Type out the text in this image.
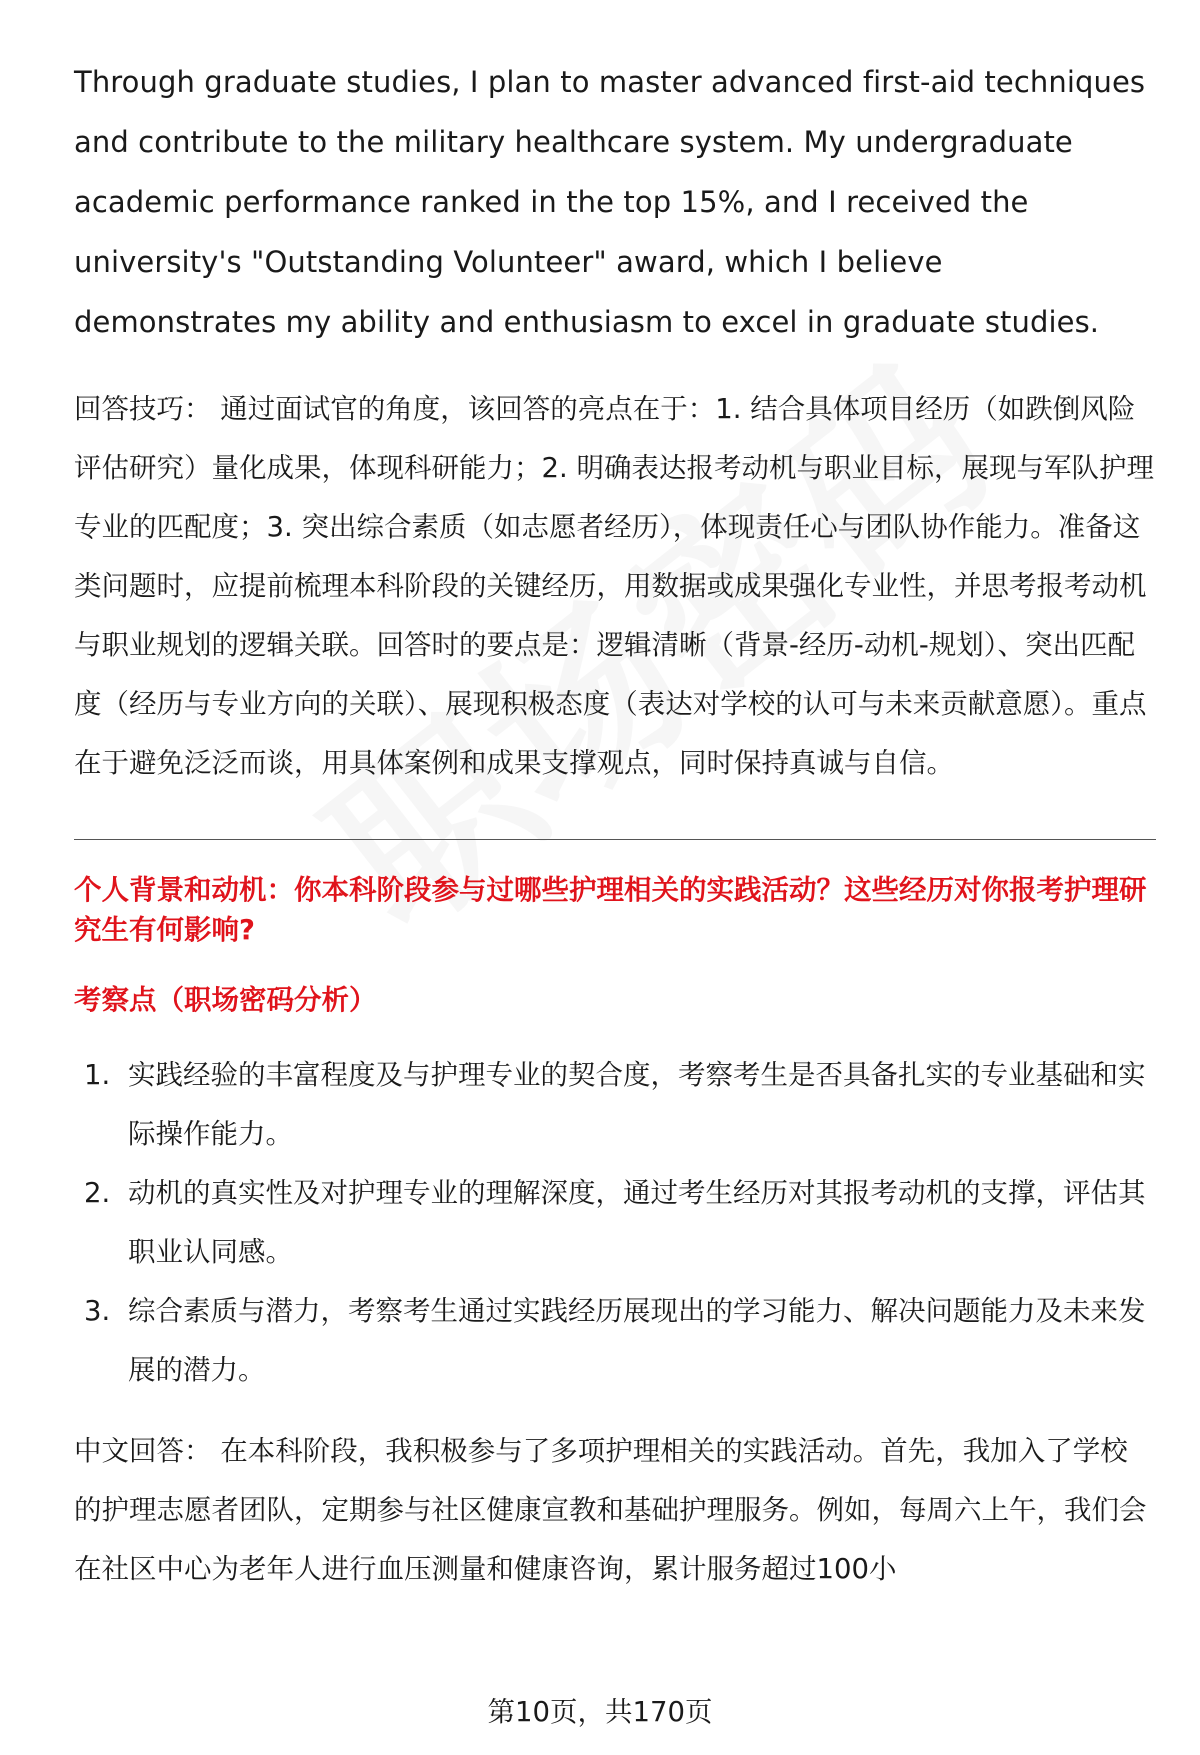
Through graduate studies, I plan to master advanced first-aid techniques and contribute to the military healthcare system. My undergraduate academic performance ranked in the top 15%, and I received the university's "Outstanding Volunteer" award, which I believe demonstrates my ability and enthusiasm to excel in graduate studies.

回答技巧： 通过面试官的角度，该回答的亮点在于：1. 结合具体项目经历（如跌倒风险评估研究）量化成果，体现科研能力；2. 明确表达报考动机与职业目标，展现与军队护理专业的匹配度；3. 突出综合素质（如志愿者经历），体现责任心与团队协作能力。准备这类问题时，应提前梳理本科阶段的关键经历，用数据或成果强化专业性，并思考报考动机与职业规划的逻辑关联。回答时的要点是：逻辑清晰（背景-经历-动机-规划）、突出匹配度（经历与专业方向的关联）、展现积极态度（表达对学校的认可与未来贡献意愿）。重点在于避免泛泛而谈，用具体案例和成果支撑观点，同时保持真诚与自信。

个人背景和动机：你本科阶段参与过哪些护理相关的实践活动？这些经历对你报考护理研究生有何影响?

考察点（职场密码分析）

1. 实践经验的丰富程度及与护理专业的契合度，考察考生是否具备扎实的专业基础和实际操作能力。
2. 动机的真实性及对护理专业的理解深度，通过考生经历对其报考动机的支撑，评估其职业认同感。
3. 综合素质与潜力，考察考生通过实践经历展现出的学习能力、解决问题能力及未来发展的潜力。

中文回答： 在本科阶段，我积极参与了多项护理相关的实践活动。首先，我加入了学校的护理志愿者团队，定期参与社区健康宣教和基础护理服务。例如，每周六上午，我们会在社区中心为老年人进行血压测量和健康咨询，累计服务超过100小

第10页，共170页
